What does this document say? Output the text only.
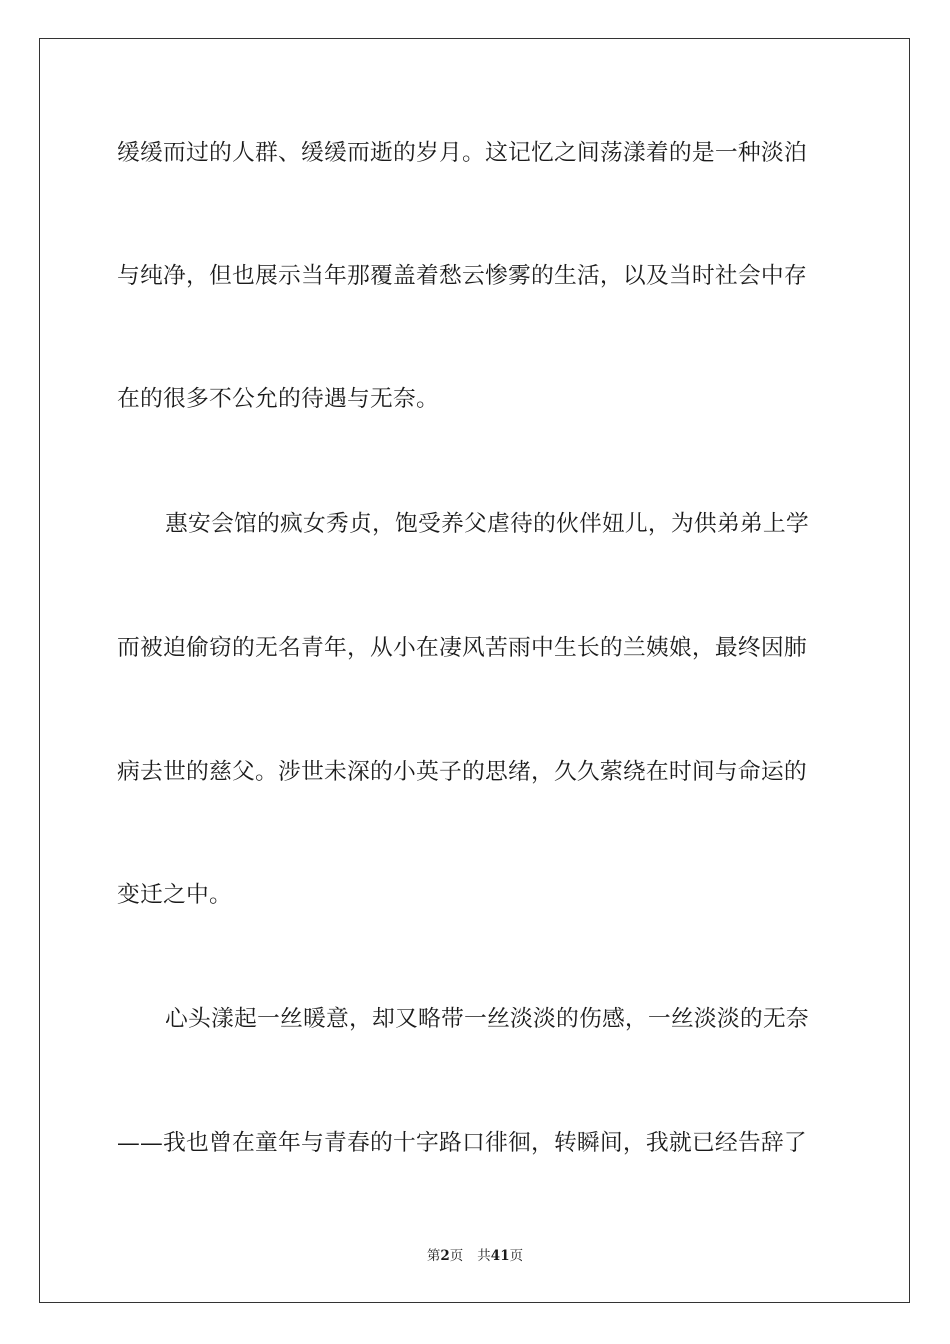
缓缓而过的人群、缓缓而逝的岁月。这记忆之间荡漾着的是一种淡泊
与纯净，但也展示当年那覆盖着愁云惨雾的生活，以及当时社会中存
在的很多不公允的待遇与无奈。
惠安会馆的疯女秀贞，饱受养父虐待的伙伴妞儿，为供弟弟上学
而被迫偷窃的无名青年，从小在凄风苦雨中生长的兰姨娘，最终因肺
病去世的慈父。涉世未深的小英子的思绪，久久萦绕在时间与命运的
变迁之中。
心头漾起一丝暖意，却又略带一丝淡淡的伤感，一丝淡淡的无奈
——我也曾在童年与青春的十字路口徘徊，转瞬间，我就已经告辞了
第2页 共41页
